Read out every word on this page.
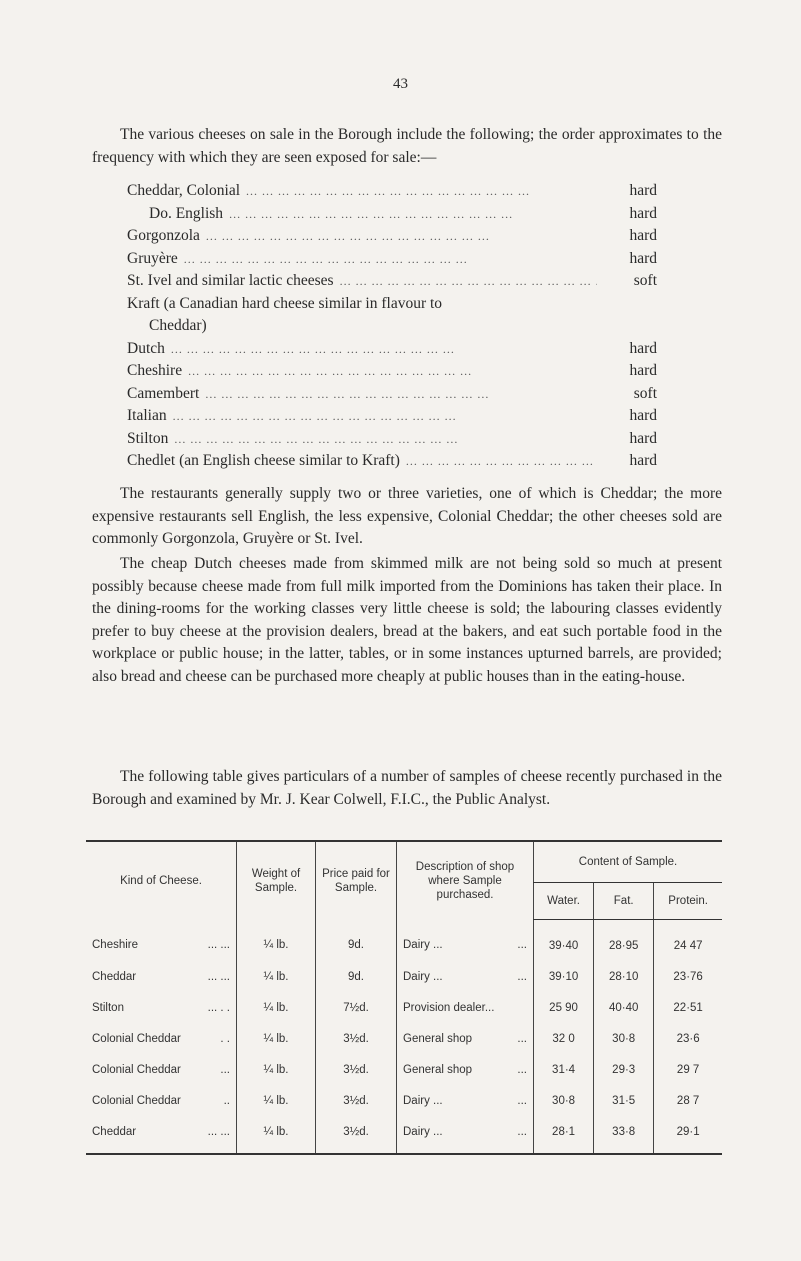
43

The various cheeses on sale in the Borough include the following; the order approximates to the frequency with which they are seen exposed for sale:—

Cheddar, Colonial ... .	hard
Do. English ... .	hard
Gorgonzola ... .	hard
Gruyère ... .	hard
St. Ivel and similar lactic cheeses ... .	soft
Kraft (a Canadian hard cheese similar in flavour to
Cheddar)
Dutch ... .	hard
Cheshire ... .	hard
Camembert ... .	soft
Italian ... .	hard
Stilton ... .	hard
Chedlet (an English cheese similar to Kraft) ... .	hard

The restaurants generally supply two or three varieties, one of which is Cheddar; the more expensive restaurants sell English, the less expensive, Colonial Cheddar; the other cheeses sold are commonly Gorgonzola, Gruyère or St. Ivel.

The cheap Dutch cheeses made from skimmed milk are not being sold so much at present possibly because cheese made from full milk imported from the Dominions has taken their place. In the dining-rooms for the working classes very little cheese is sold; the labouring classes evidently prefer to buy cheese at the provision dealers, bread at the bakers, and eat such portable food in the workplace or public house; in the latter, tables, or in some instances upturned barrels, are provided; also bread and cheese can be purchased more cheaply at public houses than in the eating-house.

The following table gives particulars of a number of samples of cheese recently purchased in the Borough and examined by Mr. J. Kear Colwell, F.I.C., the Public Analyst.

Kind of Cheese.	Weight of Sample.	Price paid for Sample.	Description of shop where Sample purchased.	Content of Sample.		
				Water.	Fat.	Protein.

Cheshire ... ...	¼ lb.	9d.	Dairy ... ...	39·40	28·95	24 47

Cheddar ... ...	¼ lb.	9d.	Dairy ... ...	39·10	28·10	23·76

Stilton ... . .	¼ lb.	7½d.	Provision dealer...	25 90	40·40	22·51

Colonial Cheddar . .	¼ lb.	3½d.	General shop ...	32 0	30·8	23·6

Colonial Cheddar ...	¼ lb.	3½d.	General shop ...	31·4	29·3	29 7

Colonial Cheddar ..	¼ lb.	3½d.	Dairy ... ...	30·8	31·5	28 7

Cheddar ... ...	¼ lb.	3½d.	Dairy ... ...	28·1	33·8	29·1
